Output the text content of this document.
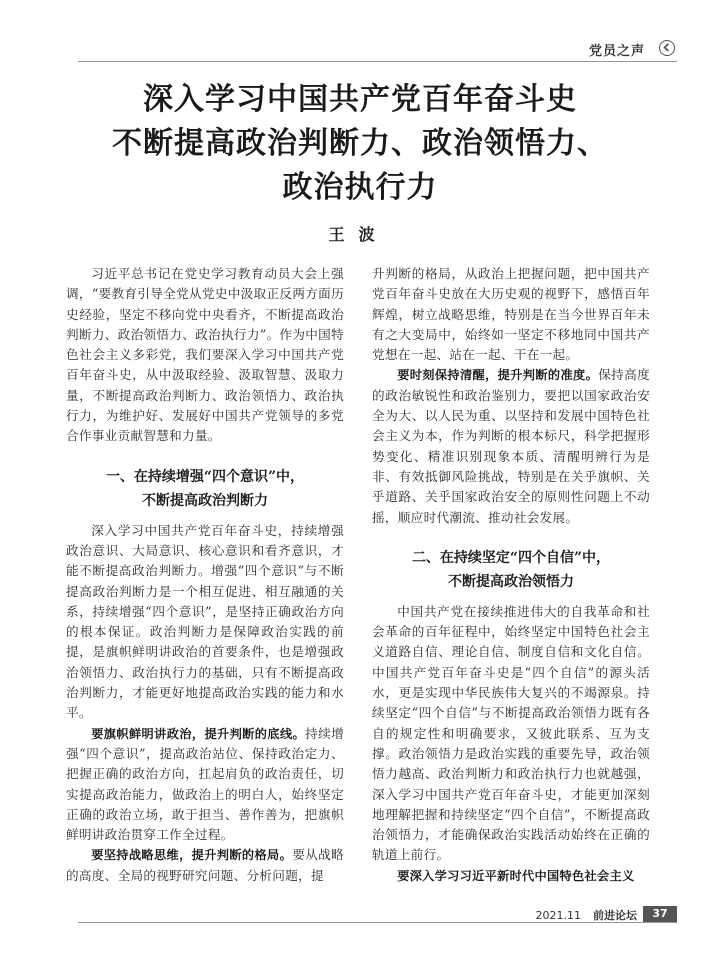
党员之声
深入学习中国共产党百年奋斗史
不断提高政治判断力、政治领悟力、
政治执行力
王波

习近平总书记在党史学习教育动员大会上强调，“要教育引导全党从党史中汲取正反两方面历史经验，坚定不移向党中央看齐，不断提高政治判断力、政治领悟力、政治执行力”。作为中国特色社会主义多彩党，我们要深入学习中国共产党百年奋斗史，从中汲取经验、汲取智慧、汲取力量，不断提高政治判断力、政治领悟力、政治执行力，为维护好、发展好中国共产党领导的多党合作事业贡献智慧和力量。

一、在持续增强“四个意识”中，
不断提高政治判断力

深入学习中国共产党百年奋斗史，持续增强政治意识、大局意识、核心意识和看齐意识，才能不断提高政治判断力。增强“四个意识”与不断提高政治判断力是一个相互促进、相互融通的关系，持续增强“四个意识”，是坚持正确政治方向的根本保证。政治判断力是保障政治实践的前提，是旗帜鲜明讲政治的首要条件，也是增强政治领悟力、政治执行力的基础，只有不断提高政治判断力，才能更好地提高政治实践的能力和水平。

要旗帜鲜明讲政治，提升判断的底线。持续增强“四个意识”，提高政治站位、保持政治定力、把握正确的政治方向，扛起肩负的政治责任，切实提高政治能力，做政治上的明白人，始终坚定正确的政治立场，敢于担当、善作善为，把旗帜鲜明讲政治贯穿工作全过程。

要坚持战略思维，提升判断的格局。要从战略的高度、全局的视野研究问题、分析问题，提

升判断的格局，从政治上把握问题，把中国共产党百年奋斗史放在大历史观的视野下，感悟百年辉煌，树立战略思维，特别是在当今世界百年未有之大变局中，始终如一坚定不移地同中国共产党想在一起、站在一起、干在一起。

要时刻保持清醒，提升判断的准度。保持高度的政治敏锐性和政治鉴别力，要把以国家政治安全为大、以人民为重、以坚持和发展中国特色社会主义为本，作为判断的根本标尺，科学把握形势变化、精准识别现象本质、清醒明辨行为是非、有效抵御风险挑战，特别是在关乎旗帜、关乎道路、关乎国家政治安全的原则性问题上不动摇，顺应时代潮流、推动社会发展。

二、在持续坚定“四个自信”中，
不断提高政治领悟力

中国共产党在接续推进伟大的自我革命和社会革命的百年征程中，始终坚定中国特色社会主义道路自信、理论自信、制度自信和文化自信。中国共产党百年奋斗史是“四个自信”的源头活水，更是实现中华民族伟大复兴的不竭源泉。持续坚定“四个自信”与不断提高政治领悟力既有各自的规定性和明确要求，又彼此联系、互为支撑。政治领悟力是政治实践的重要先导，政治领悟力越高、政治判断力和政治执行力也就越强，深入学习中国共产党百年奋斗史，才能更加深刻地理解把握和持续坚定“四个自信”，不断提高政治领悟力，才能确保政治实践活动始终在正确的轨道上前行。

要深入学习习近平新时代中国特色社会主义

2021.11 前进论坛	37
